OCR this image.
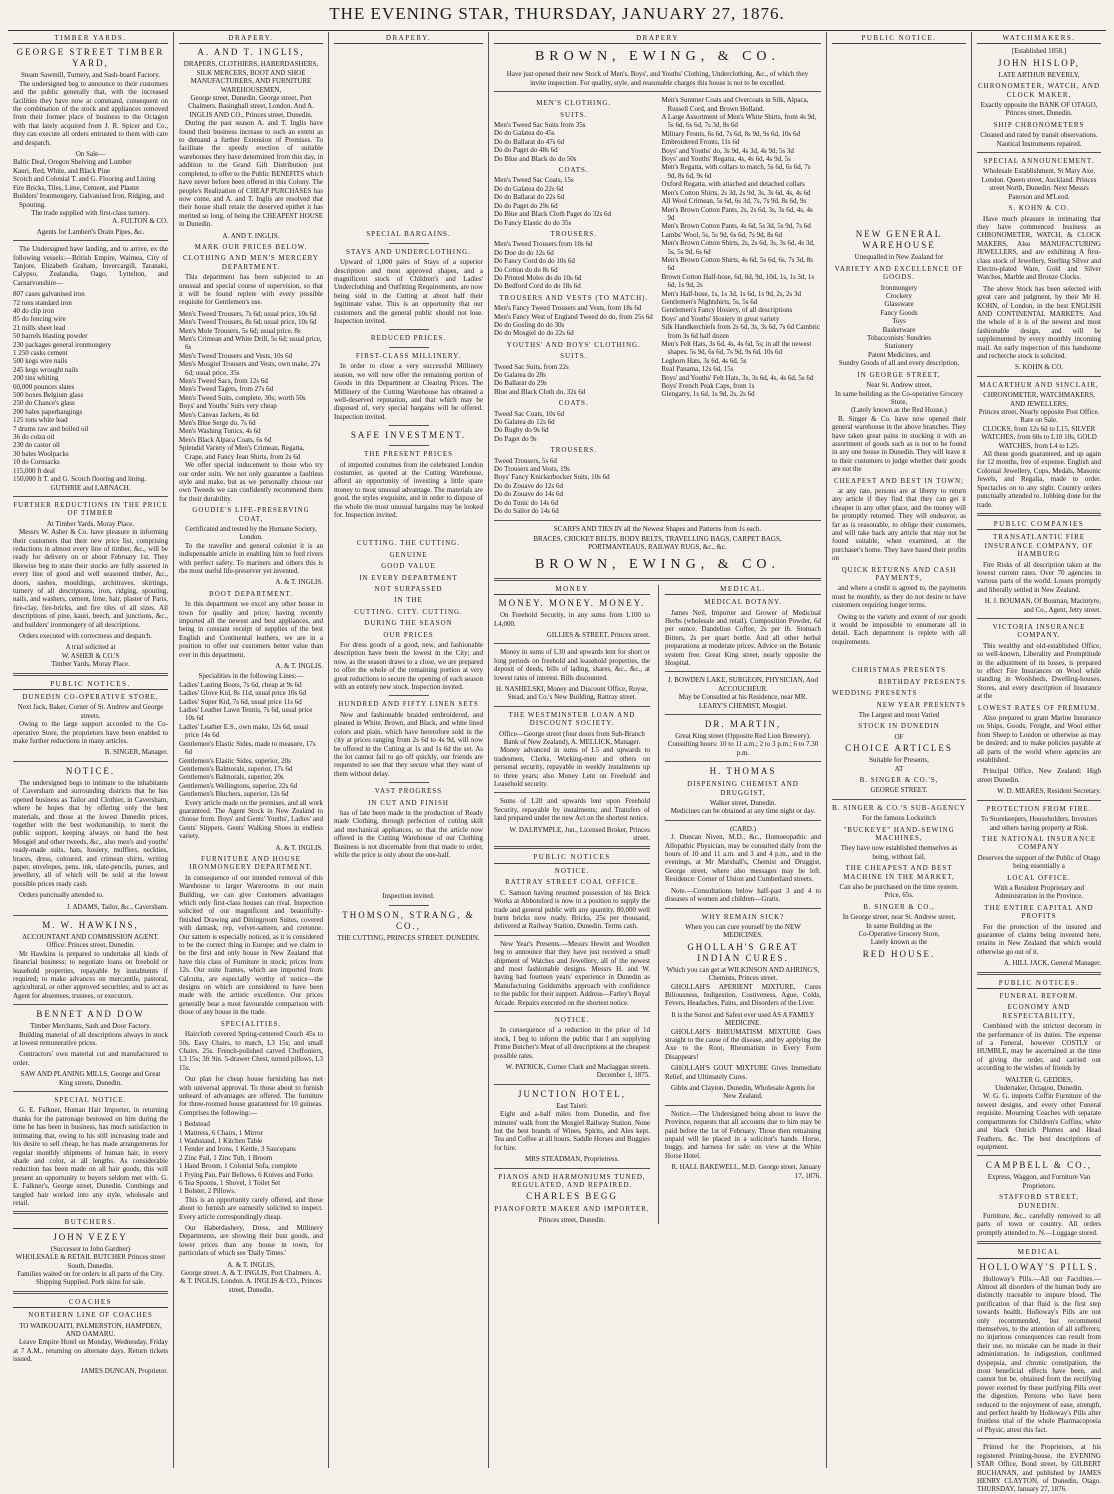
THE EVENING STAR, THURSDAY, JANUARY 27, 1876.
TIMBER YARDS.
GEORGE STREET TIMBER YARD,
Steam Sawmill, Turnery, and Sash-board Factory.

The undersigned beg to announce to their customers and the public generally that, with the increased facilities they have now at command, consequent on the combination of the stock and appliances removed from their former place of business to the Octagon with that lately acquired from J. R. Spicer and Co., they can execute all orders entrusted to them with care and despatch.

On Sale—
Baltic Deal, Oregon Shelving and Lumber
Kauri, Red, White, and Black Pine
Scotch and Colonial T. and G. Flooring and Lining
Fire Bricks, Tiles, Lime, Cement, and Plaster
Builders' Ironmongery, Galvanised Iron, Ridging, and Spouting.
The trade supplied with first-class turnery.
A. FULTON & CO.
Agents for Lambert's Drain Pipes, &c.

The Undersigned have landing, and to arrive, ex the following vessels:—British Empire, Waimea, City of Tanjore, Elizabeth Graham, Invercargill, Taranaki, Calypso, Zealandia, Oago, Lyttelton, and Carnarvonshire—

807 cases galvanised iron
72 tons standard iron
40 do clip iron
85 do fencing wire
21 mills sheet lead
50 barrels blasting powder
230 packages general ironmongery
1 250 casks cement
500 kegs wire nails
245 kegs wrought nails
200 tins whiting
60,000 pounces slates
500 boxes Belgium glass
250 do Chance's glass
200 bales paperhangings
125 tons white lead
7 drums raw and boiled oil
36 do colza oil
230 do castor oil
30 bales Woolpacks
10 do Cornsacks
115,000 ft deal
150,000 ft T. and G. Scotch flooring and lining.
GUTHRIE and LARNACH.
FURTHER REDUCTIONS IN THE PRICE OF TIMBER
At Timber Yards, Moray Place.

Messrs W. Asher & Co. have pleasure in informing their customers that their new price list, comprising reductions in almost every line of timber, &c., will be ready for delivery on or about February 1st. They likewise beg to state their stocks are fully assorted in every line of good and well seasoned timber, &c., doors, sashes, mouldings, architraves, skirtings, turnery of all descriptions, iron, ridging, spouting, nails, and washers, cement, lime, hair, plaster of Paris, fire-clay, fire-bricks, and fire tiles of all sizes. All descriptions of pine, kauri, beech, and junctions, &c., and builders' ironmongery of all descriptions.

Orders executed with correctness and despatch.

A trial solicited at
W. ASHER & CO.'S
Timber Yards, Moray Place.
PUBLIC NOTICES.
DUNEDIN CO-OPERATIVE STORE,
Next Jack, Baker, Corner of St. Andrew and George streets.

Owing to the large support accorded to the Co-operative Store, the proprietors have been enabled to make further reductions in many articles.

B. SINGER, Manager.
NOTICE.

The undersigned begs to intimate to the inhabitants of Caversham and surrounding districts that he has opened business as Tailor and Clothier, in Caversham, where he hopes that by offering only the best materials, and those at the lowest Dunedin prices, together with the best workmanship, to merit the public support, keeping always on hand the best Mosgiel and other tweeds, &c., also men's and youths' ready-made suits, hats, hosiery, mufflers, neckties, braces, dress, coloured, and crimean shirts, writing paper, envelopes, pens, ink, slate-pencils, purses, and jewellery, all of which will be sold at the lowest possible prices ready cash.

Orders punctually attended to.

J. ADAMS, Tailor, &c., Caversham.
M. W. HAWKINS,
ACCOUNTANT AND COMMISSION AGENT.
Office: Princes street, Dunedin.

Mr Hawkins is prepared to undertake all kinds of financial business; to negotiate loans on freehold or leasehold properties, repayable by instalments if required; to make advances on mercantile, pastoral, agricultural, or other approved securities; and to act as Agent for absentees, trustees, or executors.

BENNET AND DOW
Timber Merchants, Sash and Door Factory.

Building material of all descriptions always in stock at lowest remunerative prices.

Contractors' own material cut and manufactured to order.

SAW AND PLANING MILLS, George and Great King streets, Dunedin.
SPECIAL NOTICE.

G. E. Falkner, Human Hair Importer, in returning thanks for the patronage bestowed on him during the time he has been in business, has much satisfaction in intimating that, owing to his still increasing trade and his desire to sell cheap, he has made arrangements for regular monthly shipments of human hair, in every shade and color, at all lengths. As considerable reduction has been made on all hair goods, this will present an opportunity to buyers seldom met with. G. E. Falkner's, George street, Dunedin. Combings and tangled hair worked into any style, wholesale and retail.

BUTCHERS.
JOHN VEZEY
(Successor to John Gardner)
WHOLESALE & RETAIL BUTCHER Princes street South, Dunedin.
Families waited on for orders in all parts of the City.
Shipping Supplied. Pork skins for sale.
COACHES
NORTHERN LINE OF COACHES
TO WAIKOUAITI, PALMERSTON, HAMPDEN, AND OAMARU.

Leave Empire Hotel on Monday, Wednesday, Friday at 7 A.M., returning on alternate days. Return tickets issued.

JAMES DUNCAN, Proprietor.
DRAPERY.
A. AND T. INGLIS,
DRAPERS, CLOTHIERS, HABERDASHERS, SILK MERCERS, BOOT AND SHOE MANUFACTURERS, AND FURNITURE WAREHOUSEMEN,
George street, Dunedin. George street, Port Chalmers. Basinghall street, London. And A. INGLIS AND CO., Princes street, Dunedin.

During the past season A. and T. Inglis have found their business increase to such an extent as to demand a further Extension of Premises. To facilitate the speedy erection of suitable warehouses they have determined from this day, in addition to the Grand Gift Distribution just completed, to offer to the Public BENEFITS which have never before been offered in this Colony. The people's Realization of CHEAP PURCHASES has now come, and A. and T. Inglis are resolved that their house shall retain the deserved epithet it has merited so long, of being the CHEAPEST HOUSE in Dunedin.

A. AND T. INGLIS.
MARK OUR PRICES BELOW.
CLOTHING AND MEN'S MERCERY DEPARTMENT.

This department has been subjected to an unusual and special course of supervision, so that it will be found replete with every possible requisite for Gentlemen's use.

Men's Tweed Trousers, 7s 6d; usual price, 10s 6d
Men's Tweed Trousers, 8s 6d; usual price, 10s 6d
Men's Mole Trousers, 5s 6d; usual price, 8s
Men's Crimean and White Drill, 5s 6d; usual price, 6s
Men's Tweed Trousers and Vests, 10s 6d
Men's Mosgiel Trousers and Vests, own make, 27s 6d; usual price, 35s
Men's Tweed Sacs, from 12s 6d
Men's Tweed Tagets, from 27s 6d
Men's Tweed Suits, complete, 30s; worth 50s
Boys' and Youths' Suits very cheap
Men's Canvas Jackets, 4s 6d
Men's Blue Serge do, 7s 6d
Men's Washing Tunics, 4s 6d
Men's Black Alpaca Coats, 6s 6d
Splendid Variety of Men's Crimean, Regatta, Crape, and Fancy Jean Shirts, from 2s 6d

We offer special inducement to those who try our order suits. We not only guarantee a faultless style and make, but as we personally choose our own Tweeds we can confidently recommend them for their durability.

GOUDIE'S LIFE-PRESERVING COAT,
Certificated and tested by the Humane Society, London.

To the traveller and general colonist it is an indispensable article in enabling him to ford rivers with perfect safety. To mariners and others this is the most useful life-preserver yet invented.

A. & T. INGLIS.
BOOT DEPARTMENT.

In this department we excel any other house in town for quality and price; having recently imported all the newest and best appliances, and being in constant receipt of supplies of the best English and Continental leathers, we are in a position to offer our customers better value than ever in this department.

A. & T. INGLIS.
Specialities in the following Lines:—
Ladies' Lasting Boots, 7s 6d, cheap at 9s 6d
Ladies' Glove Kid, 8s 11d, usual price 10s 6d
Ladies' Super Kid, 7s 6d, usual price 11s 6d
Ladies' Leather Lawn Tennis, 7s 6d, usual price 10s 6d
Ladies' Leather E.S., own make, 12s 6d, usual price 14s 6d
Gentlemen's Elastic Sides, made to measure, 17s 6d
Gentlemen's Elastic Sides, superior, 20s
Gentlemen's Balmorals, superior, 17s 6d
Gentlemen's Balmorals, superior, 20s
Gentlemen's Wellingtons, superior, 22s 6d
Gentlemen's Bluchers, superior, 12s 6d

Every article made on the premises, and all work guaranteed. The Agent Stock in New Zealand to choose from. Boys' and Gents' Youths', Ladies' and Gents' Slippers. Gents' Walking Shoes in endless variety.

A. & T. INGLIS.
FURNITURE AND HOUSE IRONMONGERY DEPARTMENT.

In consequence of our intended removal of this Warehouse to larger Warerooms in our main Building, we can give Customers advantages which only first-class houses can rival. Inspection solicited of our magnificent and beautifully-finished Drawing and Diningroom Suites, covered with damask, rep, velvet-satteen, and cretonne. Our sattern is especially noticed, as it is considered to be the correct thing in Europe; and we claim to be the first and only house in New Zealand that have this class of Furniture in stock; prices from 12s. Our suite frames, which are imported from Calcutta, are especially worthy of notice—the designs on which are considered to have been made with the artistic excellence. Our prices generally bear a most favourable comparison with those of any house in the trade.

SPECIALITIES.

Haircloth covered Spring-centered Couch 45s to 50s. Easy Chairs, to match, L3 15s; and small Chairs, 25s. French-polished carved Cheffoniers, L3 15s; 3ft 9in. 5-drawer Chest, turned pillows, L3 15s.

Our plan for cheap house furnishing has met with universal approval. To those about to furnish unheard of advantages are offered. The furniture for three-roomed house guaranteed for 10 guineas. Comprises the following:—

1 Bedstead
1 Mattress, 6 Chairs, 1 Mirror
1 Washstand, 1 Kitchen Table
1 Fender and Irons, 1 Kettle, 3 Saucepans
2 Zinc Pail, 1 Zinc Tub, 1 Broom
1 Hand Broom, 1 Colonial Sofa, complete
1 Frying Pan, Pair Bellows, 6 Knives and Forks
6 Tea Spoons, 1 Shovel, 1 Toilet Set
1 Bolster, 2 Pillows.

This is an opportunity rarely offered, and those about to furnish are earnestly solicited to inspect. Every article correspondingly cheap.

Our Haberdashery, Dress, and Millinery Departments, are showing their bust goods, and lower prices than any house in town, for particulars of which see 'Daily Times.'

A. & T. INGLIS,
George street. A. & T. INGLIS, Port Chalmers. A. & T. INGLIS, London. A. INGLIS & CO., Princes street, Dunedin.
DRAPERY.
SPECIAL BARGAINS.
STAYS AND UNDERCLOTHING.

Upward of 1,000 pairs of Stays of a superior description and most approved shapes, and a magnificent stock of Children's and Ladies' Underclothing and Outfitting Requirements, are now being sold in the Cutting at about half their legitimate value. This is an opportunity that our customers and the general public should not lose. Inspection invited.

REDUCED PRICES.
FIRST-CLASS MILLINERY.

In order to close a very successful Millinery season, we will now offer the remaining portion of Goods in this Department at Clearing Prices. The Millinery of the Cutting Warehouse has obtained a well-deserved reputation, and that which may be disposed of, very special bargains will be offered. Inspection invited.

SAFE INVESTMENT.
THE PRESENT PRICES

of imported costumes from the celebrated London costumier, as quoted at the Cutting Warehouse, afford an opportunity of investing a little spare money to most unusual advantage. The materials are good, the styles exquisite, and in order to dispose of the whole the most unusual bargains may be looked for. Inspection invited.

CUTTING. THE CUTTING.
GENUINE
GOOD VALUE
IN EVERY DEPARTMENT
NOT SURPASSED
IN THE
CUTTING. CITY. CUTTING.
DURING THE SEASON
OUR PRICES

For dress goods of a good, new, and fashionable description have been the lowest in the City; and now, as the season draws to a close, we are prepared to offer the whole of the remaining portion at very great reductions to secure the opening of each season with an entirely new stock. Inspection invited.

HUNDRED AND FIFTY LINEN SETS

New and fashionable braided embroidered, and pleated in White, Brown, and Black, and white lined colors and plain, which have heretofore sold in the city at prices ranging from 2s 6d to 4s 9d, will now be offered in the Cutting at 1s and 1s 6d the set. As the lot cannot fail to go off quickly, our friends are requested to see that they secure what they want of them without delay.

VAST PROGRESS
IN CUT AND FINISH

has of late been made in the production of Ready made Clothing, through perfection of cutting skill and mechanical appliances, so that the article now offered in the Cutting Warehouse of our Clothing Business is not discernable from that made to order, while the price is only about the one-half.

Inspection invited.
THOMSON, STRANG, & CO.,
THE CUTTING, PRINCES STREET. DUNEDIN.
DRAPERY
BROWN, EWING, & CO.
Have just opened their new Stock of Men's, Boys', and Youths' Clothing, Underclothing, &c., of which they invite inspection. For quality, style, and reasonable charges this house is not to be excelled.
MEN'S CLOTHING.
SUITS.
Men's Tweed Sac Suits from 35s
Do do Galatea do 45s
Do do Ballarat do 47s 6d
Do do Paget do 48s 6d
Do Blue and Black do do 50s
COATS.
Men's Tweed Sac Coats, 15s
Do do Galatea do 22s 6d
Do do Ballarat do 22s 6d
Do do Paget do 29s 6d
Do Blue and Black Cloth Paget do 32s 6d
Do Fancy Elastic do do 35s
TROUSERS.
Men's Tweed Trousers from 10s 6d
Do Doe do do 12s 6d
Do Fancy Cord do do 10s 6d
Do Cotton do do 8s 6d
Do Printed Moles do do 10s 6d
Do Bedford Cord do do 18s 6d
TROUSERS AND VESTS (TO MATCH).
Men's Fancy Tweed Trousers and Vests, from 18s 6d
Men's Fancy West of England Tweed do do, from 25s 6d
Do do Gosling do do 30s
Do do Mosgiel do do 22s 6d
YOUTHS' AND BOYS' CLOTHING.
SUITS.
Tweed Sac Suits, from 22s
Do Galatea do 28s
Do Ballarat do 29s
Blue and Black Cloth do, 32s 6d
COATS.
Tweed Sac Coats, 10s 6d
Do Galatea do 12s 6d
Do Rugby do 9s 6d
Do Paget do 9s
TROUSERS.
Tweed Trousers, 5s 6d
Do Trousers and Vests, 19s
Boys' Fancy Knickerbocker Suits, 10s 6d
Do do Zouave do 12s 6d
Do do Zouave do 14s 6d
Do do Tunic do 14s 6d
Do do Sailor do 14s 6d
Men's Summer Coats and Overcoats in Silk, Alpaca, Russell Cord, and Brown Holland.
A Large Assortment of Men's White Shirts, from 4s 9d, 5s 6d, 6s 6d, 7s 3d, 8s 6d
Military Fronts, 6s 6d, 7s 6d, 8s 9d, 9s 6d, 10s 6d
Embroidered Fronts, 11s 6d
Boys' and Youths' do, 3s 9d, 4s 3d, 4s 9d, 5s 3d
Boys' and Youths' Regatta, 4s, 4s 6d, 4s 9d, 5s
Men's Regatta, with collars to match, 5s 6d, 6s 6d, 7s 9d, 8s 6d, 9s 6d
Oxford Regatta, with attached and detached collars
Men's Cotton Shirts, 2s 3d, 2s 9d, 3s, 3s 6d, 4s, 4s 6d
All Wool Crimean, 5s 6d, 6s 3d, 7s, 7s 9d, 8s 6d, 9s
Men's Brown Cotton Pants, 2s, 2s 6d, 3s, 3s 6d, 4s, 4s 9d
Men's Brown Cotton Pants, 4s 6d, 5s 3d, 5s 9d, 7s 6d
Lambs' Wool, 5s, 5s 9d, 6s 6d, 7s 9d, 8s 6d
Men's Brown Cotton Shirts, 2s, 2s 6d, 3s, 3s 6d, 4s 3d, 5s, 5s 9d, 6s 6d
Men's Brown Cotton Shirts, 4s 6d, 5s 6d, 6s, 7s 3d, 8s 6d
Brown Cotton Half-hose, 6d, 8d, 9d, 10d, 1s, 1s 3d, 1s 6d, 1s 9d, 2s
Men's Half-hose, 1s, 1s 3d, 1s 6d, 1s 9d, 2s, 2s 3d
Gentlemen's Nightshirts, 5s, 5s 6d
Gentlemen's Fancy Hosiery, of all descriptions
Boys' and Youths' Hosiery in great variety
Silk Handkerchiefs from 2s 6d, 3s, 3s 6d, 7s 6d Cambric from 3s 6d half dozen
Men's Felt Hats, 3s 6d, 4s, 4s 6d, 5s; in all the newest shapes. 5s 9d, 6s 6d, 7s 9d, 9s 6d, 10s 6d
Leghorn Hats, 3s 6d, 4s 6d, 5s
Real Panama, 12s 6d, 15s
Boys' and Youths' Felt Hats, 3s, 3s 6d, 4s, 4s 6d, 5s 6d
Boys' French Peak Caps, from 1s
Glengarry, 1s 6d, 1s 9d, 2s, 2s 6d
SCARFS AND TIES IN all the Newest Shapes and Patterns from 1s each.
BRACES, CRICKET BELTS, BODY BELTS, TRAVELLING BAGS, CARPET BAGS, PORTMANTEAUS, RAILWAY RUGS, &c., &c.
BROWN, EWING, & CO.
MONEY
MONEY. MONEY. MONEY.

On Freehold Security, in any sums from L100 to L4,000.

GILLIES & STREET, Princes street.

Money in sums of L30 and upwards lent for short or long periods on freehold and leasehold properties, the deposit of deeds, bills of lading, shares, &c., &c., at lowest rates of interest. Bills discounted.

H. NASHELSKI, Money and Discount Office, Royse, Stead, and Co.'s New Building, Rattray street.
THE WESTMINSTER LOAN AND DISCOUNT SOCIETY.
Office—George street (four doors from Sub-Branch Bank of New Zealand), A. MELLICK, Manager.

Money advanced in sums of L5 and upwards to tradesmen, Clerks, Working-men and others on personal security, repayable in weekly instalments up to three years; also Money Lent on Freehold and Leasehold security.

Sums of L20 and upwards lent upon Freehold Security, repayable by instalments; and Transfers of land prepared under the new Act on the shortest notice.

W. DALRYMPLE, Jun., Licensed Broker, Princes street.
PUBLIC NOTICES
NOTICE.
RATTRAY STREET COAL OFFICE.

C. Samson having resumed possession of his Brick Works at Abbotsford is now in a position to supply the trade and general public with any quantity. 80,000 well burnt bricks now ready. Bricks, 25s per thousand, delivered at Railway Station, Dunedin. Terms cash.

New Year's Presents.—Messrs Hewitt and Woollett beg to announce that they have just received a small shipment of Watches and Jewellery, all of the newest and most fashionable designs. Messrs H. and W. having had fourteen years' experience in Dunedin as Manufacturing Goldsmiths approach with confidence to the public for their support. Address—Farley's Royal Arcade. Repairs executed on the shortest notice.

NOTICE.

In consequence of a reduction in the price of 1d stock, I beg to inform the public that I am supplying Prime Butcher's Meat of all descriptions at the cheapest possible rates.

W. PATRICK, Corner Clark and Maclaggan streets. December 1, 1875.
JUNCTION HOTEL,
East Taieri:

Eight and a-half miles from Dunedin, and five minutes' walk from the Mosgiel Railway Station. None but the best brands of Wines, Spirits, and Ales kept. Tea and Coffee at all hours. Saddle Horses and Buggies for hire.

MRS STEADMAN, Proprietress.
PIANOS AND HARMONIUMS TUNED, REGULATED, AND REPAIRED.
CHARLES BEGG
PIANOFORTE MAKER AND IMPORTER,
Princes street, Dunedin.
MEDICAL.
MEDICAL BOTANY.

James Neil, Importer and Grower of Medicinal Herbs (wholesale and retail). Composition Powder, 6d per ounce. Dandelion Coffee, 2s per lb. Stomach Bitters, 2s per quart bottle. And all other herbal preparations at moderate prices. Advice on the Botanic system free. Great King street, nearly opposite the Hospital.

J. BOWDEN LAKE, SURGEON, PHYSICIAN, And ACCOUCHEUR.
May be Consulted at his Residence, near MR. LEARY'S CHEMIST, Mosgiel.
DR. MARTIN,
Great King street (Opposite Red Lion Brewery).
Consulting hours: 10 to 11 a.m.; 2 to 3 p.m.; 6 to 7.30 p.m.
H. THOMAS
DISPENSING CHEMIST AND DRUGGIST,
Walker street, Dunedin.
Medicines can be obtained at any time night or day.
(CARD.)

J. Duncan Niven, M.D., &c., Homoeopathic and Allopathic Physician, may be consulted daily from the hours of 10 and 11 a.m. and 3 and 4 p.m., and in the evenings, at Mr Marshall's, Chemist and Druggist, George street, where also messages may be left. Residence: Corner of Union and Cumberland streets.

Note.—Consultations below half-past 3 and 4 to diseases of women and children—Gratis.

WHY REMAIN SICK?
When you can cure yourself by the NEW MEDICINES.
GHOLLAH'S GREAT INDIAN CURES.
Which you can get at WILKINSON AND AHRING'S, Chemists, Princes street.

GHOLLAH'S APERIENT MIXTURE, Cures Biliousness, Indigestion, Costiveness, Ague, Colds, Fevers, Headaches, Pains, and Disorders of the Liver.

It is the Surest and Safest ever used AS A FAMILY MEDICINE.

GHOLLAH'S RHEUMATISM MIXTURE Goes straight to the cause of the disease, and by applying the Axe to the Root, Rheumatism in Every Form Disappears!

GHOLLAH'S GOUT MIXTURE Gives Immediate Relief, and Ultimately Cures.

Gibbs and Clayton, Dunedin, Wholesale Agents for New Zealand.

Notice.—The Undersigned being about to leave the Province, requests that all accounts due to him may be paid before the 1st of February. Those then remaining unpaid will be placed in a solicitor's hands. Horse, buggy, and harness for sale; on view at the White Horse Hotel.

R. HALL BAKEWELL, M.D. George street, January 17, 1876.
PUBLIC NOTICE.
NEW GENERAL WAREHOUSE
Unequalled in New Zealand for
VARIETY AND EXCELLENCE OF GOODS.
Ironmongery
Crockery
Glassware
Fancy Goods
Toys
Basketware
Tobacconists' Sundries
Stationery
Patent Medicines, and
Sundry Goods of all and every description,
IN GEORGE STREET,
Near St. Andrew street,
In same building as the Co-operative Grocery Store,
(Lately known as the Red House.)

B. Singer & Co. have now opened their general warehouse in the above branches. They have taken great pains in stocking it with an assortment of goods such as is not to be found in any one house in Dunedin. They will leave it to their customers to judge whether their goods are not the

CHEAPEST AND BEST IN TOWN;

at any rate, persons are at liberty to return any article if they find that they can get it cheaper in any other place, and the money will be promptly returned. They will endeavor, as far as is reasonable, to oblige their customers, and will take back any article that may not be found suitable, when examined, at the purchaser's home. They have based their profits on

QUICK RETURNS AND CASH PAYMENTS,

and where a credit is agreed to, the payments must be monthly, as they do not desire to have customers requiring longer terms.

Owing to the variety and extent of our goods it would be impossible to enumerate all in detail. Each department is replete with all requirements.

CHRISTMAS PRESENTS
BIRTHDAY PRESENTS
WEDDING PRESENTS
NEW YEAR PRESENTS
The Largest and most Varied
STOCK IN DUNEDIN
OF
CHOICE ARTICLES
Suitable for Presents,
AT
B. SINGER & CO.'S,
GEORGE STREET.
B. SINGER & CO.'S SUB-AGENCY
For the famous Lockstitch
"BUCKEYE" HAND-SEWING MACHINES,
They have now established themselves as being, without fail,
THE CHEAPEST AND BEST MACHINE IN THE MARKET,
Can also be purchased on the time system.
Price, 65s.
B. SINGER & CO.,
In George street, near St. Andrew street,
In same Building as the
Co-Operative Grocery Store,
Lately known as the
RED HOUSE.
WATCHMAKERS.
[Established 1858.]
JOHN HISLOP,
LATE ARTHUR BEVERLY,
CHRONOMETER, WATCH, AND CLOCK MAKER,
Exactly opposite the BANK OF OTAGO, Princes street, Dunedin.
SHIP CHRONOMETERS
Cleaned and rated by transit observations. Nautical Instruments repaired.
SPECIAL ANNOUNCEMENT.
Wholesale Establishment, St Mary Axe, London. Queen street, Auckland. Princes street North, Dunedin. Next Messrs Paterson and M'Leod.
S. KOHN & CO.

Have much pleasure in intimating that they have commenced business as CHRONOMETER, WATCH, & CLOCK MAKERS, Also MANUFACTURING JEWELLERS, and are exhibiting A first-class stock of Jewellery, Sterling Silver and Electro-plated Ware, Gold and Silver Watches, Marble and Bronze Clocks.

The above Stock has been selected with great care and judgment, by their Mr H. KOHN, of London, in the best ENGLISH AND CONTINENTAL MARKETS. And the whole of it is of the newest and most fashionable design, and will be supplemented by every monthly incoming mail. An early inspection of this handsome and recherche stock is solicited.

S. KOHN & CO.
MACARTHUR AND SINCLAIR,
CHRONOMETER, WATCHMAKERS, AND JEWELLERS,
Princes street, Nearly opposite Post Office. Rare on Sale.
CLOCKS, from 12s 6d to L15, SILVER WATCHES, from 60s to L10 10s, GOLD WATCHES, from L4 to L25.

All these goods guaranteed, and up again for 12 months, free of expense. English and Colonial Jewellery, Cups, Medals, Masonic Jewels, and Regalia, made to order. Spectacles on to any sight. Country orders punctually attended to. Jobbing done for the trade.

PUBLIC COMPANIES
TRANSATLANTIC FIRE INSURANCE COMPANY, OF HAMBURG

Fire Risks of all description taken at the lowest current rates. Over 70 agencies in various parts of the world. Losses promptly and liberally settled in New Zealand.

H. J. BOUMAN, Of Bouman, Macintyre, and Co., Agent, Jetty street.
VICTORIA INSURANCE COMPANY.

This wealthy and old-established Office, so well-known, Liberality and Promptitude in the adjustment of its losses, is prepared to effect Fire Insurances on Wool while standing in Woolsheds, Dwelling-houses, Stores, and every description of Insurance at the

LOWEST RATES OF PREMIUM.

Also prepared to grant Marine Insurance on Ships, Goods, Freight, and Wool either from Sheep to London or otherwise as may be desired; and to make policies payable at all parts of the world where agencies are established.

Principal Office, New Zealand: High street Dunedin.

W. D. MEARES, Resident Secretary.
PROTECTION FROM FIRE.
To Storekeepers, Householders, Investors and others having property at Risk.
THE NATIONAL INSURANCE COMPANY
Deserves the support of the Public of Otago being essentially a
LOCAL OFFICE.
With a Resident Proprietary and Administration in the Province.
THE ENTIRE CAPITAL AND PROFITS

For the protection of the insured and guarantee of claims being invested here, retains in New Zealand that which would otherwise go out of it.

A. HILL JACK, General Manager.
PUBLIC NOTICES.
FUNERAL REFORM.
ECONOMY AND RESPECTABILITY,

Combined with the strictest decorum in the performance of its duties. The expense of a Funeral, however COSTLY or HUMBLE, may be ascertained at the time of giving the order, and carried out according to the wishes of friends by

WALTER G. GEDDES,
Undertaker, Octagon, Dunedin.

W. G. G. imports Coffin Furniture of the newest designs, and every other Funeral requisite. Mourning Coaches with separate compartments for Children's Coffins, white and black Ostrich Plumes and Head Feathers, &c. The best descriptions of equipment.

CAMPBELL & CO.,
Express, Waggon, and Furniture Van Proprietors.
STAFFORD STREET, DUNEDIN.

Furniture, &c., carefully removed to all parts of town or country. All orders promptly attended to. N.—Luggage stored.

MEDICAL
HOLLOWAY'S PILLS.

Holloway's Pills.—All our Faculties.—Almost all disorders of the human body are distinctly traceable to impure blood. The purification of that fluid is the first step towards health. Holloway's Pills are not only recommended, but recommend themselves, to the attention of all sufferers; no injurious consequences can result from their use, no mistake can be made in their administration. In indigestion, confirmed dyspepsia, and chronic constipation, the most beneficial effects have been, and cannot but be, obtained from the rectifying power exerted by these purifying Pills over the digestion. Persons who have been reduced to the enjoyment of ease, strength, and perfect health by Holloway's Pills after fruitless trial of the whole Pharmacopoeia of Physic, attest this fact.

Printed for the Proprietors, at his registered Printing-house, the EVENING STAR Office, Bond street, by GILBERT BUCHANAN, and published by JAMES HENRY CLAYTON, of Dunedin, Otago. THURSDAY, January 27, 1876.
